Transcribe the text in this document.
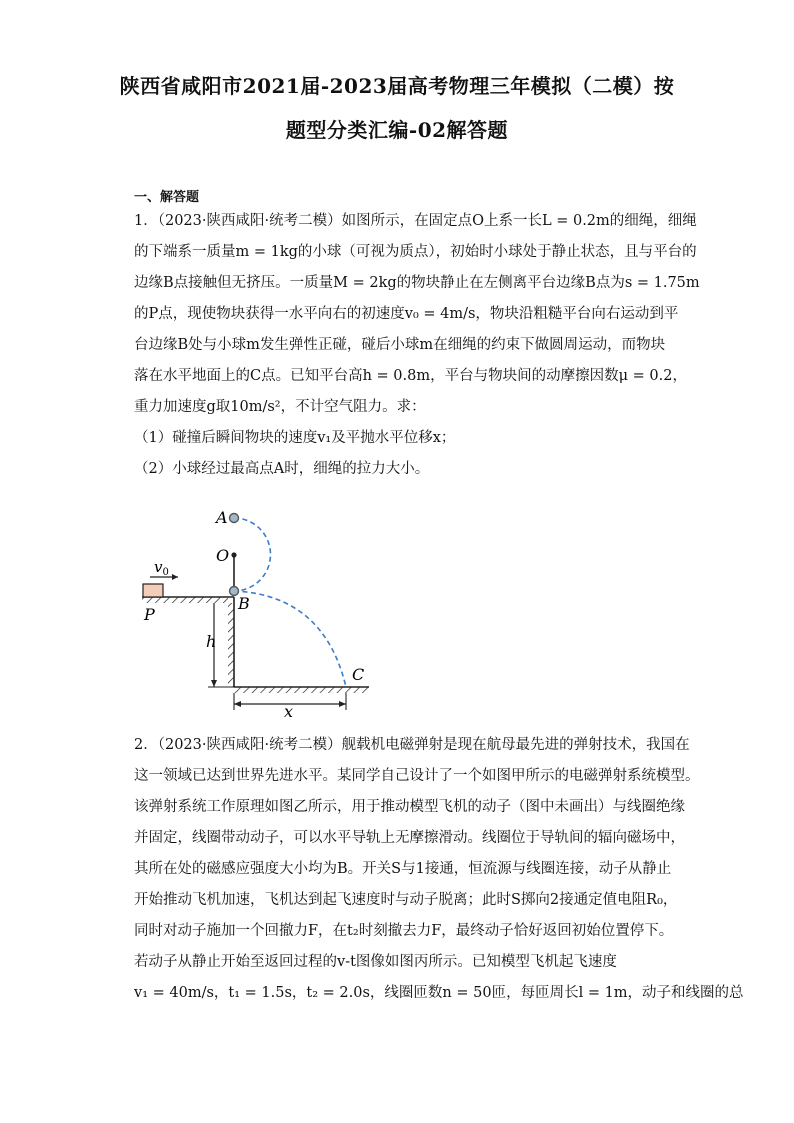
陕西省咸阳市2021届-2023届高考物理三年模拟（二模）按
题型分类汇编-02解答题
一、解答题
1．（2023·陕西咸阳·统考二模）如图所示，在固定点O上系一长L = 0.2m的细绳，细绳
的下端系一质量m = 1kg的小球（可视为质点），初始时小球处于静止状态，且与平台的
边缘B点接触但无挤压。一质量M = 2kg的物块静止在左侧离平台边缘B点为s = 1.75m
的P点，现使物块获得一水平向右的初速度v₀ = 4m/s，物块沿粗糙平台向右运动到平
台边缘B处与小球m发生弹性正碰，碰后小球m在细绳的约束下做圆周运动，而物块
落在水平地面上的C点。已知平台高h = 0.8m，平台与物块间的动摩擦因数μ = 0.2，
重力加速度g取10m/s²，不计空气阻力。求：
（1）碰撞后瞬间物块的速度v₁及平抛水平位移x；
（2）小球经过最高点A时，细绳的拉力大小。
$v_0$
A
O
B
P
C
h
x
2．（2023·陕西咸阳·统考二模）舰载机电磁弹射是现在航母最先进的弹射技术，我国在
这一领域已达到世界先进水平。某同学自己设计了一个如图甲所示的电磁弹射系统模型。
该弹射系统工作原理如图乙所示，用于推动模型飞机的动子（图中未画出）与线圈绝缘
并固定，线圈带动动子，可以水平导轨上无摩擦滑动。线圈位于导轨间的辐向磁场中，
其所在处的磁感应强度大小均为B。开关S与1接通，恒流源与线圈连接，动子从静止
开始推动飞机加速，飞机达到起飞速度时与动子脱离；此时S掷向2接通定值电阻R₀，
同时对动子施加一个回撤力F，在t₂时刻撤去力F，最终动子恰好返回初始位置停下。
若动子从静止开始至返回过程的v-t图像如图丙所示。已知模型飞机起飞速度
v₁ = 40m/s，t₁ = 1.5s，t₂ = 2.0s，线圈匝数n = 50匝，每匝周长l = 1m，动子和线圈的总
